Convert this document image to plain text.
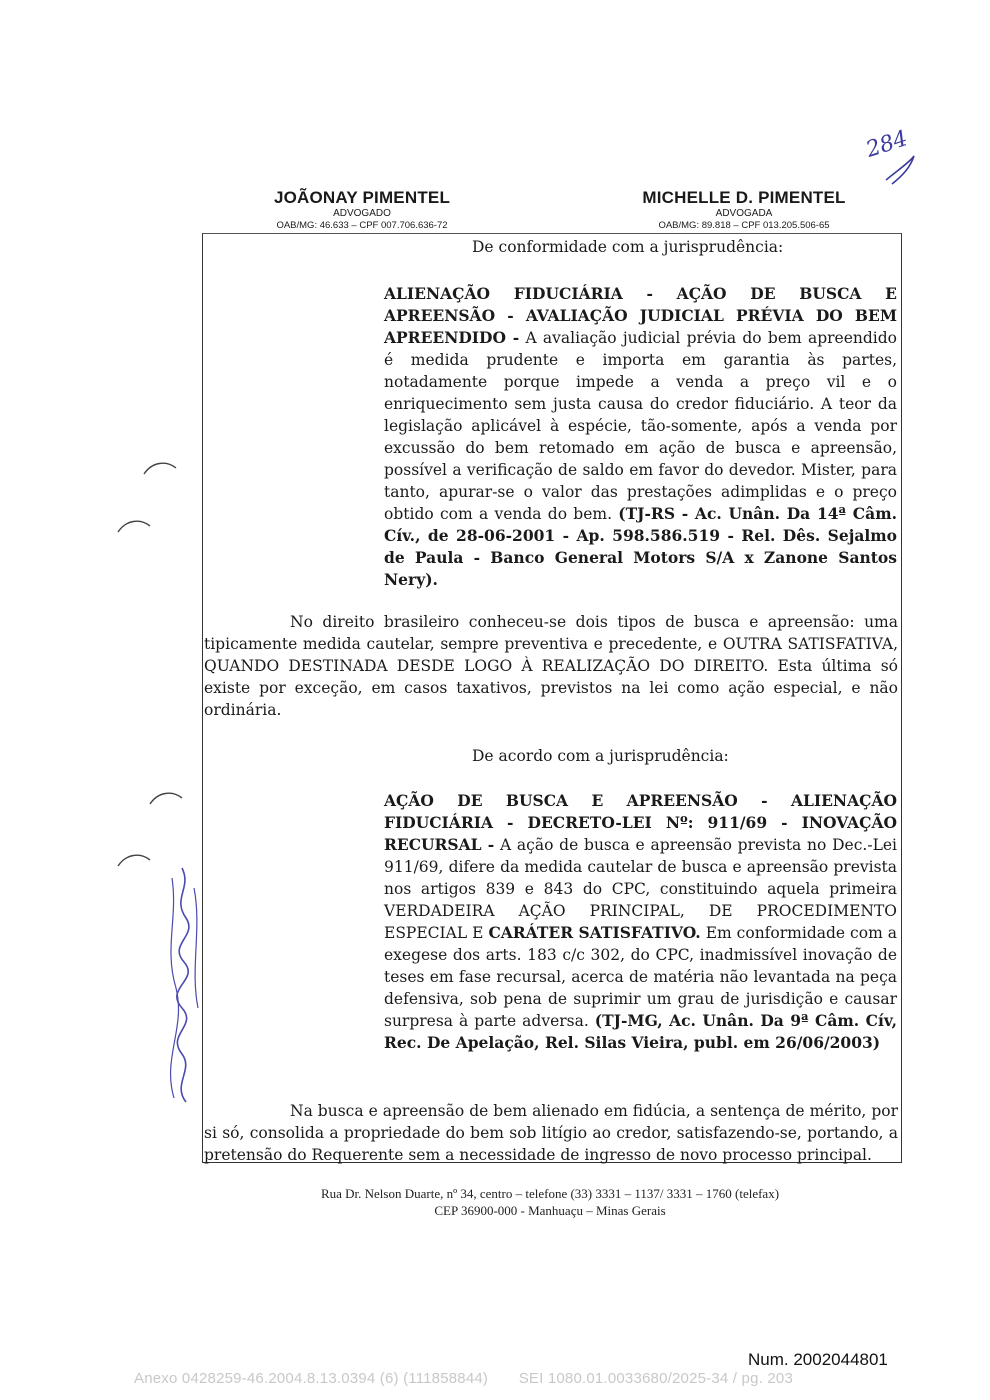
284
JOÃONAY PIMENTEL
ADVOGADO
OAB/MG: 46.633 – CPF 007.706.636-72
MICHELLE D. PIMENTEL
ADVOGADA
OAB/MG: 89.818 – CPF 013.205.506-65
De conformidade com a jurisprudência:
ALIENAÇÃO FIDUCIÁRIA - AÇÃO DE BUSCA E APREENSÃO - AVALIAÇÃO JUDICIAL PRÉVIA DO BEM APREENDIDO - A avaliação judicial prévia do bem apreendido é medida prudente e importa em garantia às partes, notadamente porque impede a venda a preço vil e o enriquecimento sem justa causa do credor fiduciário. A teor da legislação aplicável à espécie, tão-somente, após a venda por excussão do bem retomado em ação de busca e apreensão, possível a verificação de saldo em favor do devedor. Mister, para tanto, apurar-se o valor das prestações adimplidas e o preço obtido com a venda do bem. (TJ-RS - Ac. Unân. Da 14ª Câm. Cív., de 28-06-2001 - Ap. 598.586.519 - Rel. Dês. Sejalmo de Paula - Banco General Motors S/A x Zanone Santos Nery).

No direito brasileiro conheceu-se dois tipos de busca e apreensão: uma tipicamente medida cautelar, sempre preventiva e precedente, e OUTRA SATISFATIVA, QUANDO DESTINADA DESDE LOGO À REALIZAÇÃO DO DIREITO. Esta última só existe por exceção, em casos taxativos, previstos na lei como ação especial, e não ordinária.

De acordo com a jurisprudência:
AÇÃO DE BUSCA E APREENSÃO - ALIENAÇÃO FIDUCIÁRIA - DECRETO-LEI Nº: 911/69 - INOVAÇÃO RECURSAL - A ação de busca e apreensão prevista no Dec.-Lei 911/69, difere da medida cautelar de busca e apreensão prevista nos artigos 839 e 843 do CPC, constituindo aquela primeira VERDADEIRA AÇÃO PRINCIPAL, DE PROCEDIMENTO ESPECIAL E CARÁTER SATISFATIVO. Em conformidade com a exegese dos arts. 183 c/c 302, do CPC, inadmissível inovação de teses em fase recursal, acerca de matéria não levantada na peça defensiva, sob pena de suprimir um grau de jurisdição e causar surpresa à parte adversa. (TJ-MG, Ac. Unân. Da 9ª Câm. Cív, Rec. De Apelação, Rel. Silas Vieira, publ. em 26/06/2003)

Na busca e apreensão de bem alienado em fidúcia, a sentença de mérito, por si só, consolida a propriedade do bem sob litígio ao credor, satisfazendo-se, portando, a pretensão do Requerente sem a necessidade de ingresso de novo processo principal.

Rua Dr. Nelson Duarte, nº 34, centro – telefone (33) 3331 – 1137/ 3331 – 1760 (telefax)
CEP 36900-000 - Manhuaçu – Minas Gerais
Num. 2002044801
Anexo 0428259-46.2004.8.13.0394 (6) (111858844)       SEI 1080.01.0033680/2025-34 / pg. 203
